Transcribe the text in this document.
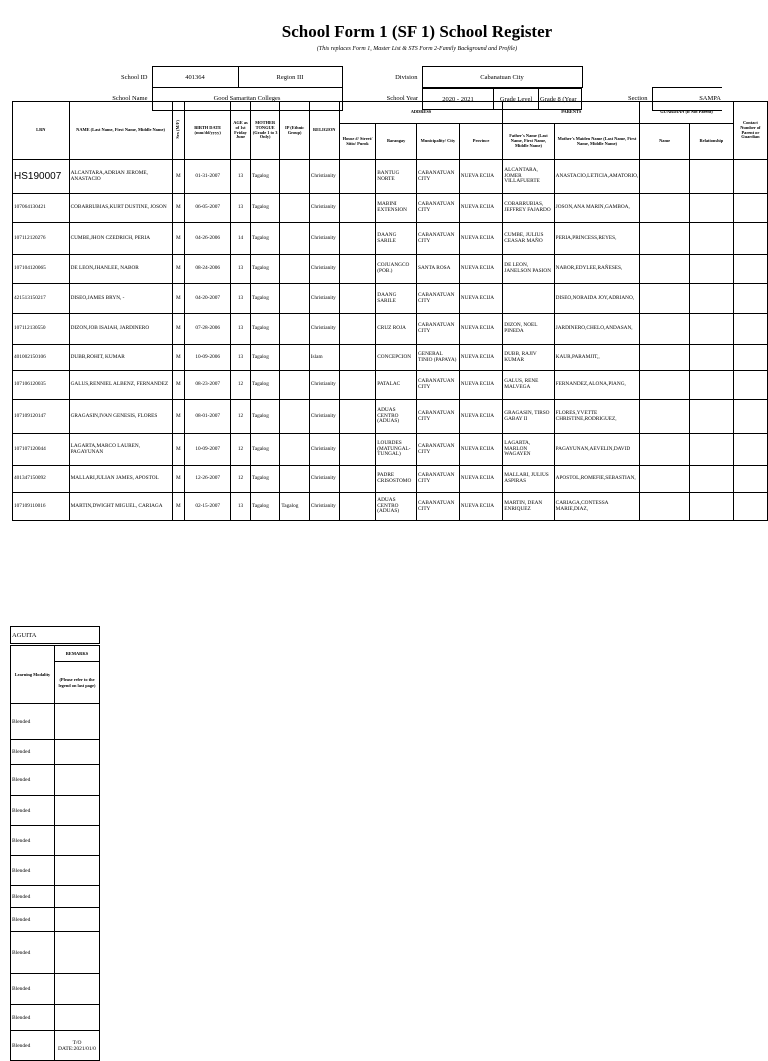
School Form 1 (SF 1) School Register
(This replaces Form 1, Master List & STS Form 2-Family Background and Profile)
School ID	401364	Region III	Division	Cabanatuan City				
School Name	Good Samaritan Colleges	School Year		2020 - 2021	Grade Level	Grade 8 (Year
			Section	SAMPA
LRN	NAME (Last Name, First Name, Middle Name)	Sex (M/F)	BIRTH DATE (mm/dd/yyyy)	AGE as of 1st Friday June	MOTHER TONGUE (Grade 1 to 3 Only)	IP (Ethnic Group)	RELIGION	ADDRESS				PARENTS		GUARDIAN (if Not Parent)		Contact Number of Parent or Guardian
								House #/ Street/ Sitio/ Purok	Barangay	Municipality/ City	Province	Father's Name (Last Name, First Name, Middle Name)	Mother's Maiden Name (Last Name, First Name, Middle Name)	Name	Relationship	
HS190007	ALCANTARA,ADRIAN JEROME, ANASTACIO	M	01-31-2007	13	Tagalog		Christianity		BANTUG NORTE	CABANATUAN CITY	NUEVA ECIJA	ALCANTARA, JOMER VILLAFUERTE	ANASTACIO,LETICIA,AMATORIO,			
107064130421	COBARRUBIAS,KURT DUSTINE, JOSON	M	06-05-2007	13	Tagalog		Christianity		MABINI EXTENSION	CABANATUAN CITY	NUEVA ECIJA	COBARRUBIAS, JEFFREY FAJARDO	JOSON,ANA MARIN,GAMBOA,			
107112120276	CUMBE,JHON CZEDRICH, PERIA	M	04-26-2006	14	Tagalog		Christianity		DAANG SARILE	CABANATUAN CITY	NUEVA ECIJA	CUMBE, JULIUS CEASAR MAÑO	PERIA,PRINCESS,REYES,			
107104120065	DE LEON,JHANLEE, NABOR	M	08-24-2006	13	Tagalog		Christianity		COJUANGCO (POB.)	SANTA ROSA	NUEVA ECIJA	DE LEON, JANELSON PASION	NABOR,EDYLEE,RAÑESES,			
421513150217	DISEO,JAMES BRYN, -	M	04-20-2007	13	Tagalog		Christianity		DAANG SARILE	CABANATUAN CITY	NUEVA ECIJA		DISEO,NORAIDA JOY,ADRIANO,			
107112130550	DIZON,JOB ISAIAH, JARDINERO	M	07-28-2006	13	Tagalog		Christianity		CRUZ ROJA	CABANATUAN CITY	NUEVA ECIJA	DIZON, NOEL PINEDA	JARDINERO,CHELO,ANDASAN,			
401002150106	DUBB,ROHIT, KUMAR	M	10-09-2006	13	Tagalog		Islam		CONCEPCION	GENERAL TINIO (PAPAYA)	NUEVA ECIJA	DUBB, RAJIV KUMAR	KAUR,PARAMJIT,,			
107106120035	GALUS,RENNIEL ALBENZ, FERNANDEZ	M	08-23-2007	12	Tagalog		Christianity		PATALAC	CABANATUAN CITY	NUEVA ECIJA	GALUS, RENE MALVEGA	FERNANDEZ,ALONA,PIANG,			
107109120147	GRAGASIN,IVAN GENESIS, FLORES	M	08-01-2007	12	Tagalog		Christianity		ADUAS CENTRO (ADUAS)	CABANATUAN CITY	NUEVA ECIJA	GRAGASIN, TIRSO GABAY II	FLORES,YVETTE CHRISTINE,RODRIGUEZ,			
107107120044	LAGARTA,MARCO LAUREN, PAGAYUNAN	M	10-09-2007	12	Tagalog		Christianity		LOURDES (MATUNGAL-TUNGAL)	CABANATUAN CITY	NUEVA ECIJA	LAGARTA, MARLON WAGAYEN	PAGAYUNAN,AEVELIN,DAVID			
401347150092	MALLARI,JULIAN JAMES, APOSTOL	M	12-26-2007	12	Tagalog		Christianity		PADRE CRISOSTOMO	CABANATUAN CITY	NUEVA ECIJA	MALLARI, JULIUS ASPIRAS	APOSTOL,ROMEFIE,SEBASTIAN,			
107109110016	MARTIN,DWIGHT MIGUEL, CARIAGA	M	02-15-2007	13	Tagalog	Tagalog	Christianity		ADUAS CENTRO (ADUAS)	CABANATUAN CITY	NUEVA ECIJA	MARTIN, DEAN ENRIQUEZ	CARIAGA,CONTESSA MARIE,DIAZ,			
AGUITA
Learning Modality	REMARKS
	(Please refer to the legend on last page)
Blended	
Blended	
Blended	
Blended	
Blended	
Blended	
Blended	
Blended	
Blended	
Blended	
Blended	
Blended	T/O DATE:2021/01/0
